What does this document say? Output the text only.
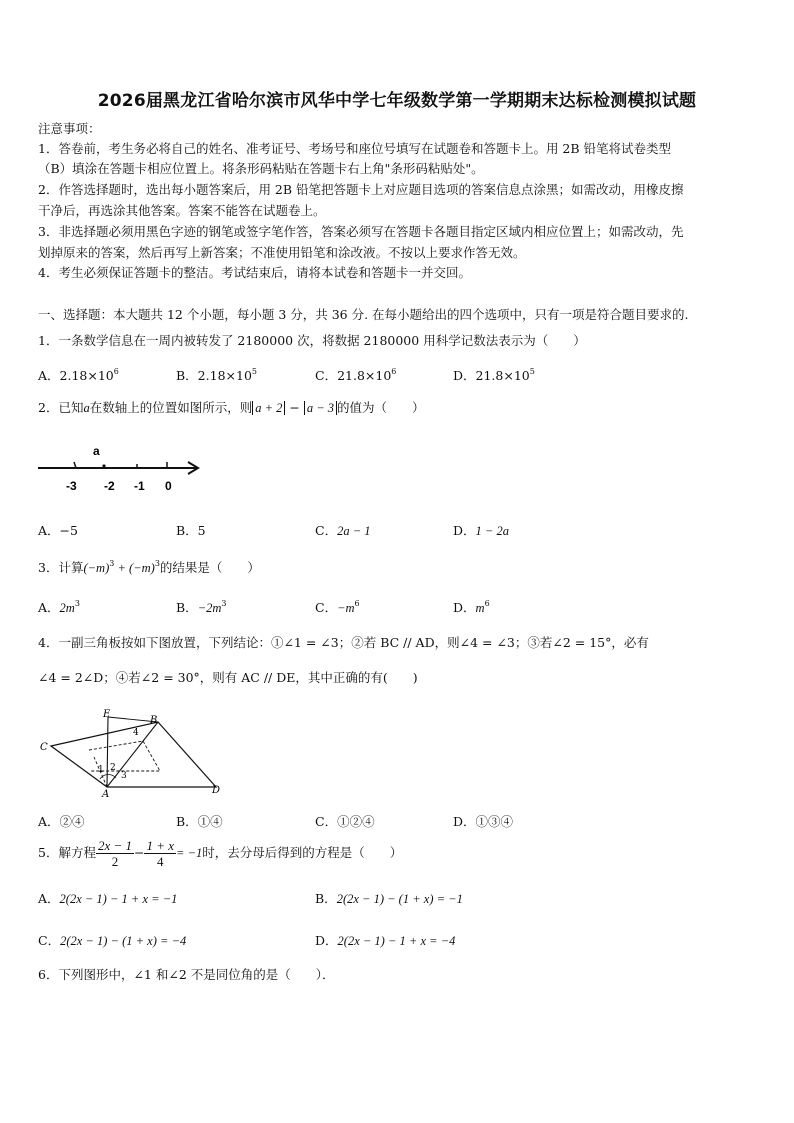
2026届黑龙江省哈尔滨市风华中学七年级数学第一学期期末达标检测模拟试题
注意事项：
1．答卷前，考生务必将自己的姓名、准考证号、考场号和座位号填写在试题卷和答题卡上。用 2B 铅笔将试卷类型
（B）填涂在答题卡相应位置上。将条形码粘贴在答题卡右上角"条形码粘贴处"。
2．作答选择题时，选出每小题答案后，用 2B 铅笔把答题卡上对应题目选项的答案信息点涂黑；如需改动，用橡皮擦
干净后，再选涂其他答案。答案不能答在试题卷上。
3．非选择题必须用黑色字迹的钢笔或签字笔作答，答案必须写在答题卡各题目指定区域内相应位置上；如需改动，先
划掉原来的答案，然后再写上新答案；不准使用铅笔和涂改液。不按以上要求作答无效。
4．考生必须保证答题卡的整洁。考试结束后，请将本试卷和答题卡一并交回。
一、选择题：本大题共 12 个小题，每小题 3 分，共 36 分. 在每小题给出的四个选项中，只有一项是符合题目要求的.
1．一条数学信息在一周内被转发了 2180000 次，将数据 2180000 用科学记数法表示为（　　）
A．$2.18\times 10^6$	B．$2.18\times 10^5$	C．$21.8\times 10^6$	D．$21.8\times 10^5$
2．已知a在数轴上的位置如图所示，则 a + 2 − a − 3 的值为（　　）
a
-3 -2 -1 0
A．−5	B．5	C．2a − 1	D．1 − 2a
3．计算$(-m)^3 + (-m)^3$的结果是（　　）
A．$2m^3$	B．$-2m^3$	C．$-m^6$	D．$m^6$
4．一副三角板按如下图放置，下列结论：①∠1 = ∠3；②若 BC // AD，则∠4 = ∠3；③若∠2 = 15°，必有
∠4 = 2∠D；④若∠2 = 30°，则有 AC // DE，其中正确的有(　　)
E
B
C
A	D
1 2
3
4
A．②④	B．①④	C．①②④	D．①③④
5．解方程 $\frac{2x - 1}{2} - \frac{1 + x}{4} = -1$时，去分母后得到的方程是（　　）
A．2(2x − 1) − 1 + x = −1	B．2(2x − 1) − (1 + x) = −1
C．2(2x − 1) − (1 + x) = −4	D．2(2x − 1) − 1 + x = −4
6．下列图形中，∠1 和∠2 不是同位角的是（　　）．
